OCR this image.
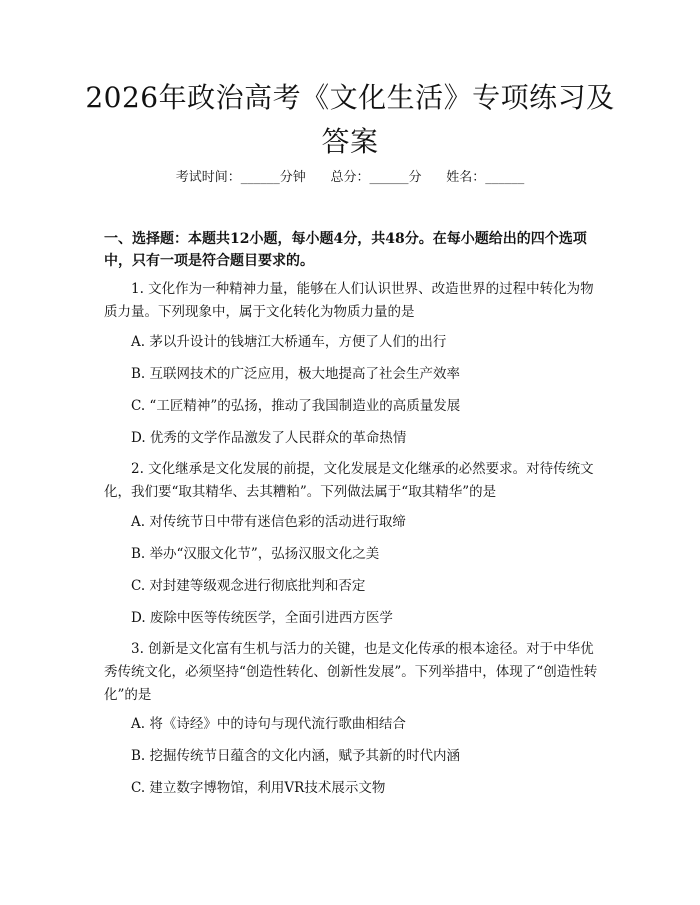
2026年政治高考《文化生活》专项练习及答案
考试时间：______分钟      总分：______分      姓名：______
一、选择题：本题共12小题，每小题4分，共48分。在每小题给出的四个选项中，只有一项是符合题目要求的。
1. 文化作为一种精神力量，能够在人们认识世界、改造世界的过程中转化为物质力量。下列现象中，属于文化转化为物质力量的是
A. 茅以升设计的钱塘江大桥通车，方便了人们的出行
B. 互联网技术的广泛应用，极大地提高了社会生产效率
C. “工匠精神”的弘扬，推动了我国制造业的高质量发展
D. 优秀的文学作品激发了人民群众的革命热情
2. 文化继承是文化发展的前提，文化发展是文化继承的必然要求。对待传统文化，我们要“取其精华、去其糟粕”。下列做法属于“取其精华”的是
A. 对传统节日中带有迷信色彩的活动进行取缔
B. 举办“汉服文化节”，弘扬汉服文化之美
C. 对封建等级观念进行彻底批判和否定
D. 废除中医等传统医学，全面引进西方医学
3. 创新是文化富有生机与活力的关键，也是文化传承的根本途径。对于中华优秀传统文化，必须坚持“创造性转化、创新性发展”。下列举措中，体现了“创造性转化”的是
A. 将《诗经》中的诗句与现代流行歌曲相结合
B. 挖掘传统节日蕴含的文化内涵，赋予其新的时代内涵
C. 建立数字博物馆，利用VR技术展示文物
